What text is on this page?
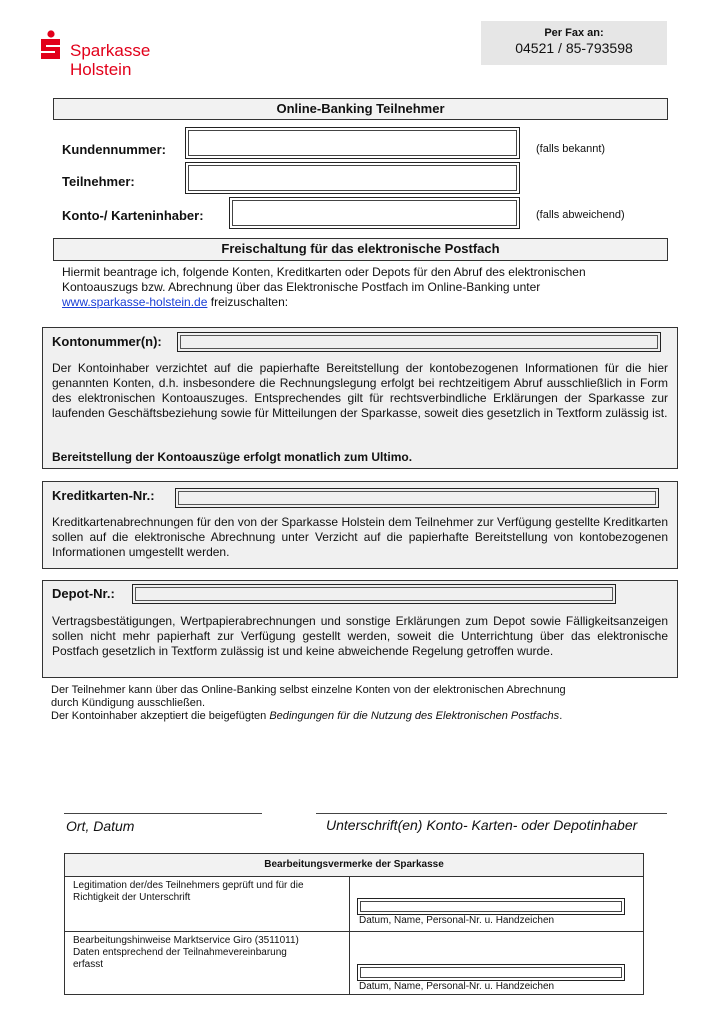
Sparkasse
Holstein
Per Fax an:
04521 / 85-793598
Online-Banking Teilnehmer
Kundennummer:	(falls bekannt)
Teilnehmer:
Konto-/ Karteninhaber:	(falls abweichend)
Freischaltung für das elektronische Postfach
Hiermit beantrage ich, folgende Konten, Kreditkarten oder Depots für den Abruf des elektronischen
Kontoauszugs bzw. Abrechnung über das Elektronische Postfach im Online-Banking unter
www.sparkasse-holstein.de freizuschalten:
Kontonummer(n):
Der Kontoinhaber verzichtet auf die papierhafte Bereitstellung der kontobezogenen Informationen für die hier genannten Konten, d.h. insbesondere die Rechnungslegung erfolgt bei rechtzeitigem Abruf ausschließlich in Form des elektronischen Kontoauszuges. Entsprechendes gilt für rechtsverbindliche Erklärungen der Sparkasse zur laufenden Geschäftsbeziehung sowie für Mitteilungen der Sparkasse, soweit dies gesetzlich in Textform zulässig ist.
Bereitstellung der Kontoauszüge erfolgt monatlich zum Ultimo.
Kreditkarten-Nr.:
Kreditkartenabrechnungen für den von der Sparkasse Holstein dem Teilnehmer zur Verfügung gestellte Kreditkarten sollen auf die elektronische Abrechnung unter Verzicht auf die papierhafte Bereitstellung von kontobezogenen Informationen umgestellt werden.
Depot-Nr.:
Vertragsbestätigungen, Wertpapierabrechnungen und sonstige Erklärungen zum Depot sowie Fälligkeitsanzeigen sollen nicht mehr papierhaft zur Verfügung gestellt werden, soweit die Unterrichtung über das elektronische Postfach gesetzlich in Textform zulässig ist und keine abweichende Regelung getroffen wurde.
Der Teilnehmer kann über das Online-Banking selbst einzelne Konten von der elektronischen Abrechnung
durch Kündigung ausschließen.
Der Kontoinhaber akzeptiert die beigefügten Bedingungen für die Nutzung des Elektronischen Postfachs.
Ort, Datum	Unterschrift(en) Konto- Karten- oder Depotinhaber
Bearbeitungsvermerke der Sparkasse
Legitimation der/des Teilnehmers geprüft und für die
Richtigkeit der Unterschrift
Datum, Name, Personal-Nr. u. Handzeichen
Bearbeitungshinweise Marktservice Giro (3511011)
Daten entsprechend der Teilnahmevereinbarung
erfasst
Datum, Name, Personal-Nr. u. Handzeichen
